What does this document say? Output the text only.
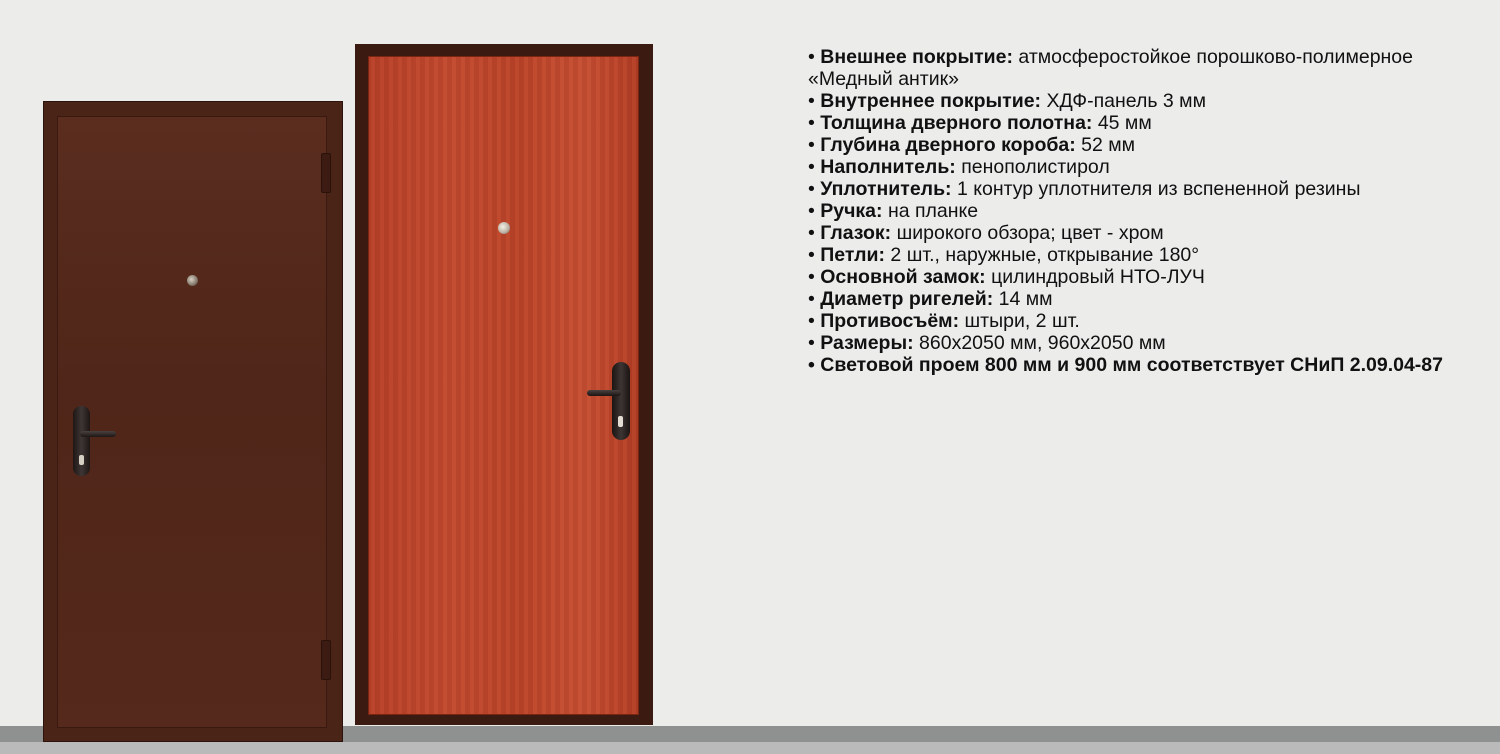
• Внешнее покрытие: атмосферостойкое порошково-полимерное «Медный антик»

• Внутреннее покрытие: ХДФ-панель 3 мм

• Толщина дверного полотна: 45 мм

• Глубина дверного короба: 52 мм

• Наполнитель: пенополистирол

• Уплотнитель: 1 контур уплотнителя из вспененной резины

• Ручка: на планке

• Глазок: широкого обзора; цвет - хром

• Петли: 2 шт., наружные, открывание 180°

• Основной замок: цилиндровый НТО-ЛУЧ

• Диаметр ригелей: 14 мм

• Противосъём: штыри, 2 шт.

• Размеры: 860х2050 мм, 960х2050 мм

• Световой проем 800 мм и 900 мм соответствует СНиП 2.09.04-87
